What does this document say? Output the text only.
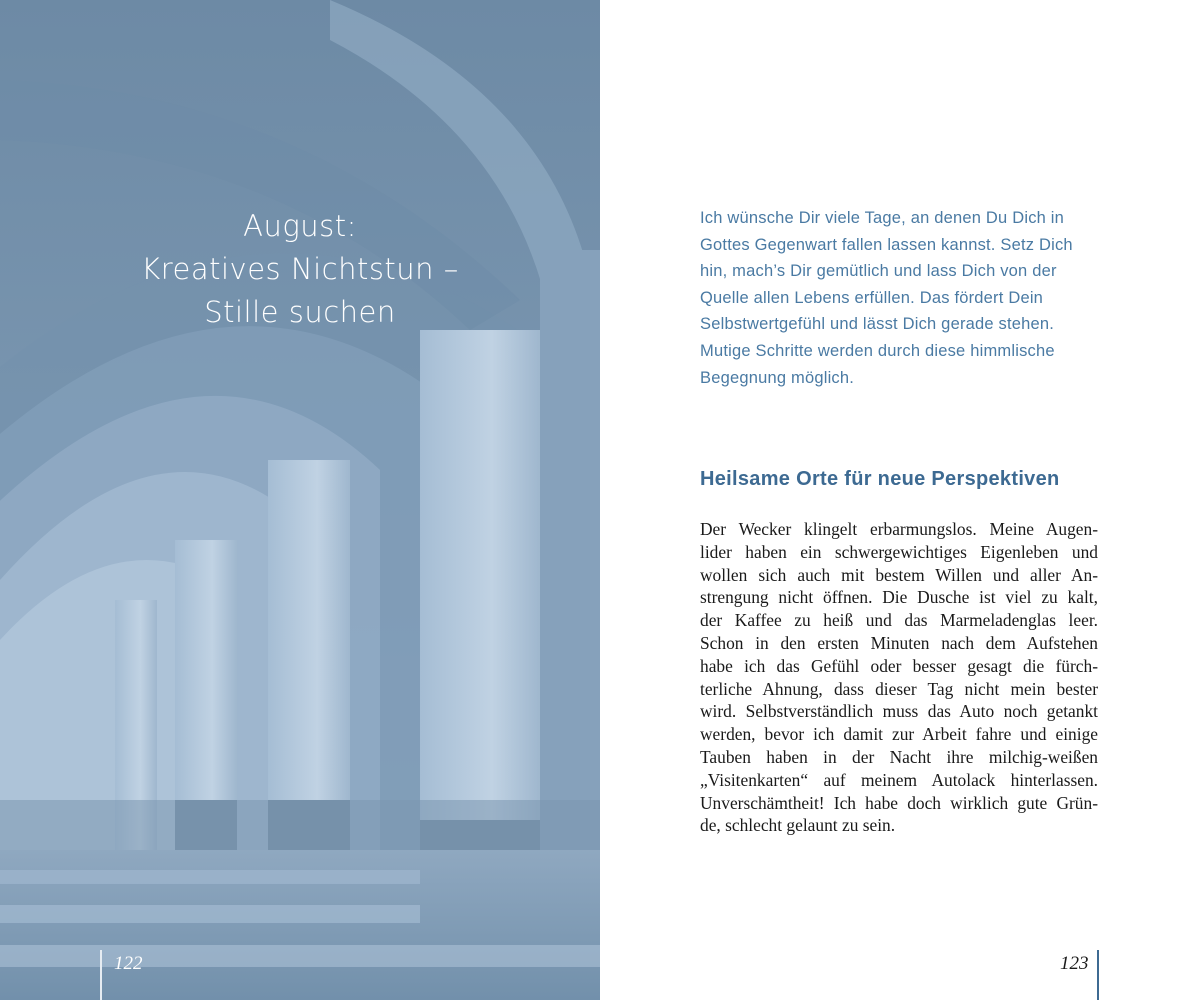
August:
Kreatives Nichtstun –
Stille suchen
122
Ich wünsche Dir viele Tage, an denen Du Dich in
Gottes Gegenwart fallen lassen kannst. Setz Dich
hin, mach’s Dir gemütlich und lass Dich von der
Quelle allen Lebens erfüllen. Das fördert Dein
Selbstwertgefühl und lässt Dich gerade stehen.
Mutige Schritte werden durch diese himmlische
Begegnung möglich.
Heilsame Orte für neue Perspektiven
Der Wecker klingelt erbarmungslos. Meine Augen-
lider haben ein schwergewichtiges Eigenleben und
wollen sich auch mit bestem Willen und aller An-
strengung nicht öffnen. Die Dusche ist viel zu kalt,
der Kaffee zu heiß und das Marmeladenglas leer.
Schon in den ersten Minuten nach dem Aufstehen
habe ich das Gefühl oder besser gesagt die fürch-
terliche Ahnung, dass dieser Tag nicht mein bester
wird. Selbstverständlich muss das Auto noch getankt
werden, bevor ich damit zur Arbeit fahre und einige
Tauben haben in der Nacht ihre milchig-weißen
„Visitenkarten“ auf meinem Autolack hinterlassen.
Unverschämtheit! Ich habe doch wirklich gute Grün-
de, schlecht gelaunt zu sein.
123
